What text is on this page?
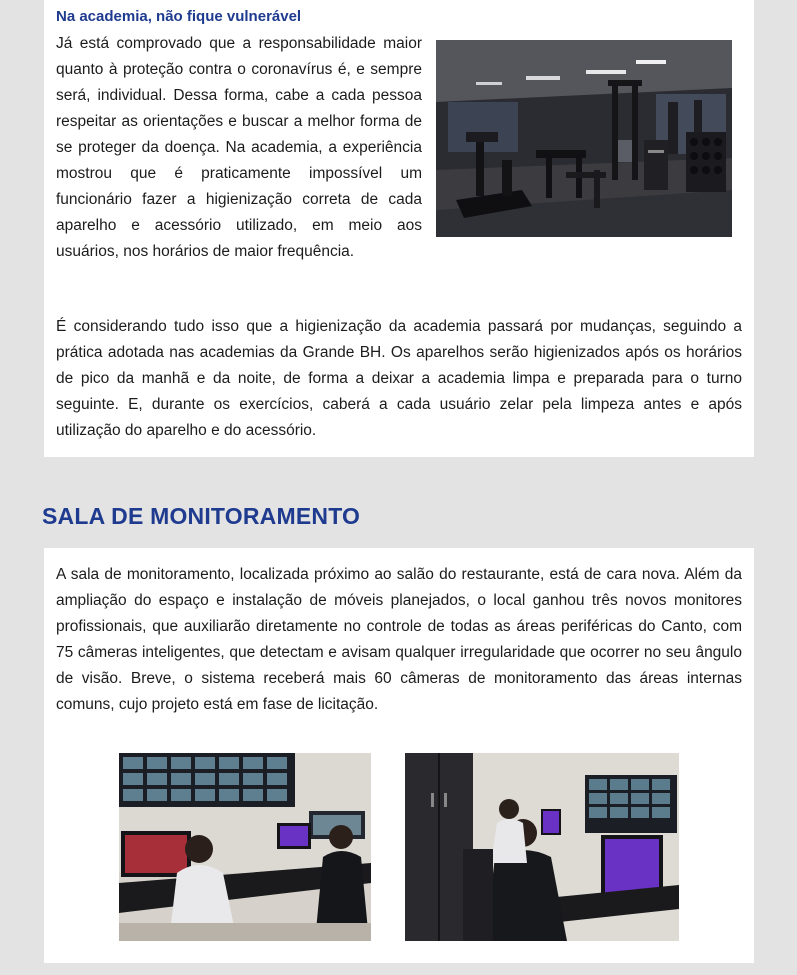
Na academia, não fique vulnerável

Já está comprovado que a responsabilidade maior quanto à proteção contra o coronavírus é, e sempre será, individual. Dessa forma, cabe a cada pessoa respeitar as orientações e buscar a melhor forma de se proteger da doença. Na academia, a experiência mostrou que é praticamente impossível um funcionário fazer a higienização correta de cada aparelho e acessório utilizado, em meio aos usuários, nos horários de maior frequência.

É considerando tudo isso que a higienização da academia passará por mudanças, seguindo a prática adotada nas academias da Grande BH. Os aparelhos serão higienizados após os horários de pico da manhã e da noite, de forma a deixar a academia limpa e preparada para o turno seguinte. E, durante os exercícios, caberá a cada usuário zelar pela limpeza antes e após utilização do aparelho e do acessório.

SALA DE MONITORAMENTO

A sala de monitoramento, localizada próximo ao salão do restaurante, está de cara nova. Além da ampliação do espaço e instalação de móveis planejados, o local ganhou três novos monitores profissionais, que auxiliarão diretamente no controle de todas as áreas periféricas do Canto, com 75 câmeras inteligentes, que detectam e avisam qualquer irregularidade que ocorrer no seu ângulo de visão. Breve, o sistema receberá mais 60 câmeras de monitoramento das áreas internas comuns, cujo projeto está em fase de licitação.
